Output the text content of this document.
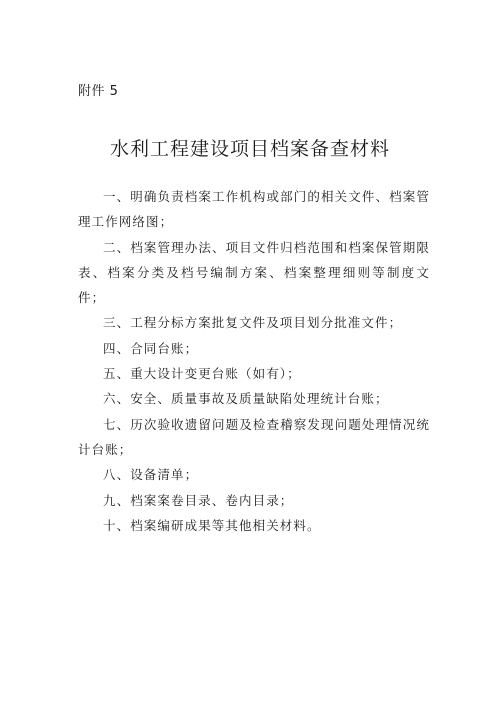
附件 5
水利工程建设项目档案备查材料

一、明确负责档案工作机构或部门的相关文件、档案管理工作网络图；

二、档案管理办法、项目文件归档范围和档案保管期限表、档案分类及档号编制方案、档案整理细则等制度文件；

三、工程分标方案批复文件及项目划分批准文件；

四、合同台账；

五、重大设计变更台账（如有）；

六、安全、质量事故及质量缺陷处理统计台账；

七、历次验收遗留问题及检查稽察发现问题处理情况统计台账；

八、设备清单；

九、档案案卷目录、卷内目录；

十、档案编研成果等其他相关材料。
